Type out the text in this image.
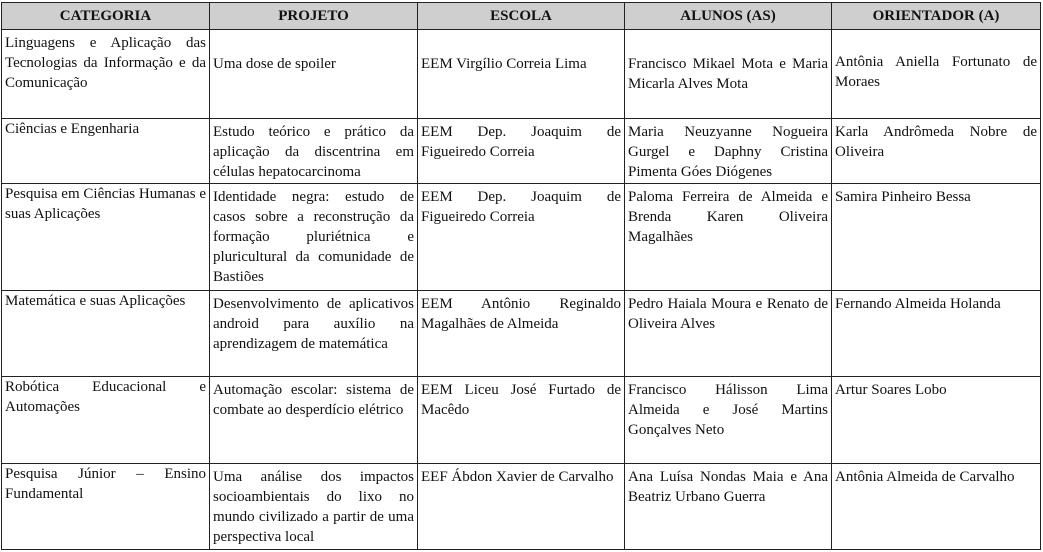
CATEGORIA	PROJETO	ESCOLA	ALUNOS (AS)	ORIENTADOR (A)
Linguagens e Aplicação das Tecnologias da Informação e da Comunicação	Uma dose de spoiler	EEM Virgílio Correia Lima	Francisco Mikael Mota e Maria Micarla Alves Mota	Antônia Aniella Fortunato de Moraes
Ciências e Engenharia	Estudo teórico e prático da aplicação da discentrina em células hepatocarcinoma	EEM Dep. Joaquim de Figueiredo Correia	Maria Neuzyanne Nogueira Gurgel e Daphny Cristina Pimenta Góes Diógenes	Karla Andrômeda Nobre de Oliveira
Pesquisa em Ciências Humanas e suas Aplicações	Identidade negra: estudo de casos sobre a reconstrução da formação pluriétnica e pluricultural da comunidade de Bastiões	EEM Dep. Joaquim de Figueiredo Correia	Paloma Ferreira de Almeida e Brenda Karen Oliveira Magalhães	Samira Pinheiro Bessa
Matemática e suas Aplicações	Desenvolvimento de aplicativos android para auxílio na aprendizagem de matemática	EEM Antônio Reginaldo Magalhães de Almeida	Pedro Haiala Moura e Renato de Oliveira Alves	Fernando Almeida Holanda
Robótica Educacional e Automações	Automação escolar: sistema de combate ao desperdício elétrico	EEM Liceu José Furtado de Macêdo	Francisco Hálisson Lima Almeida e José Martins Gonçalves Neto	Artur Soares Lobo
Pesquisa Júnior – Ensino Fundamental	Uma análise dos impactos socioambientais do lixo no mundo civilizado a partir de uma perspectiva local	EEF Ábdon Xavier de Carvalho	Ana Luísa Nondas Maia e Ana Beatriz Urbano Guerra	Antônia Almeida de Carvalho
